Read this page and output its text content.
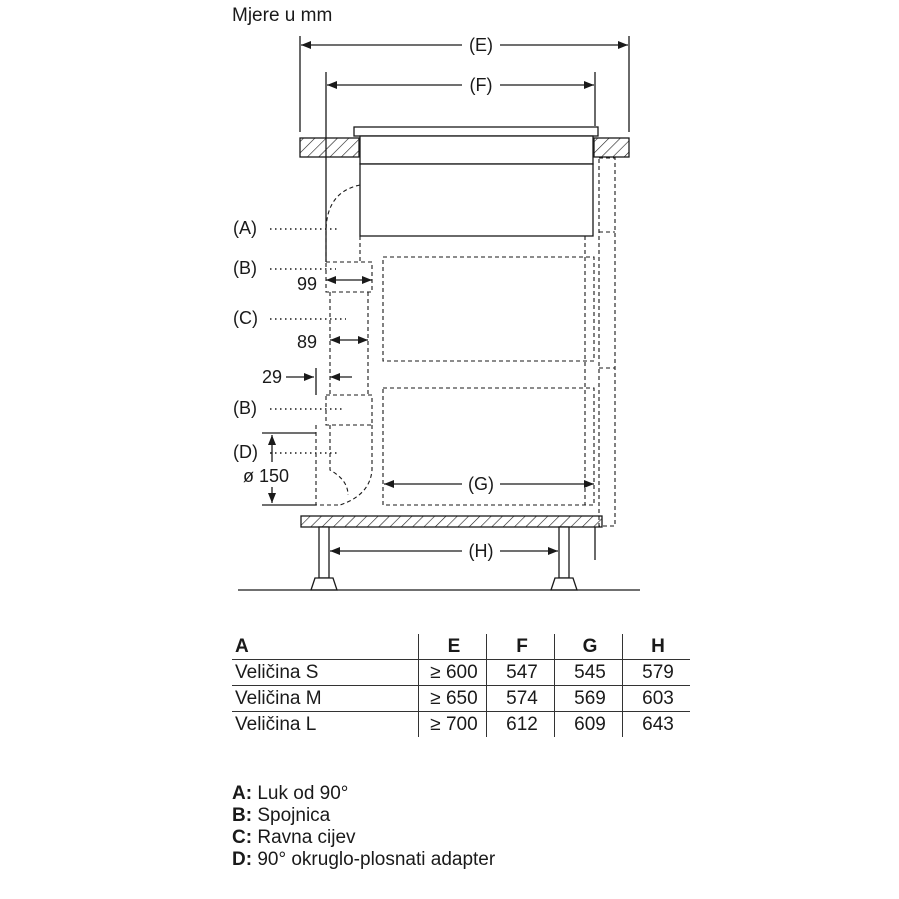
Mjere u mm
(E)
(F)
(G)
(H)
(A)
(B)
(C)
(B)
(D)
99
89
29
ø 150
A	E	F	G	H
Veličina S	≥ 600	547	545	579
Veličina M	≥ 650	574	569	603
Veličina L	≥ 700	612	609	643
A: Luk od 90°
B: Spojnica
C: Ravna cijev
D: 90° okruglo-plosnati adapter
